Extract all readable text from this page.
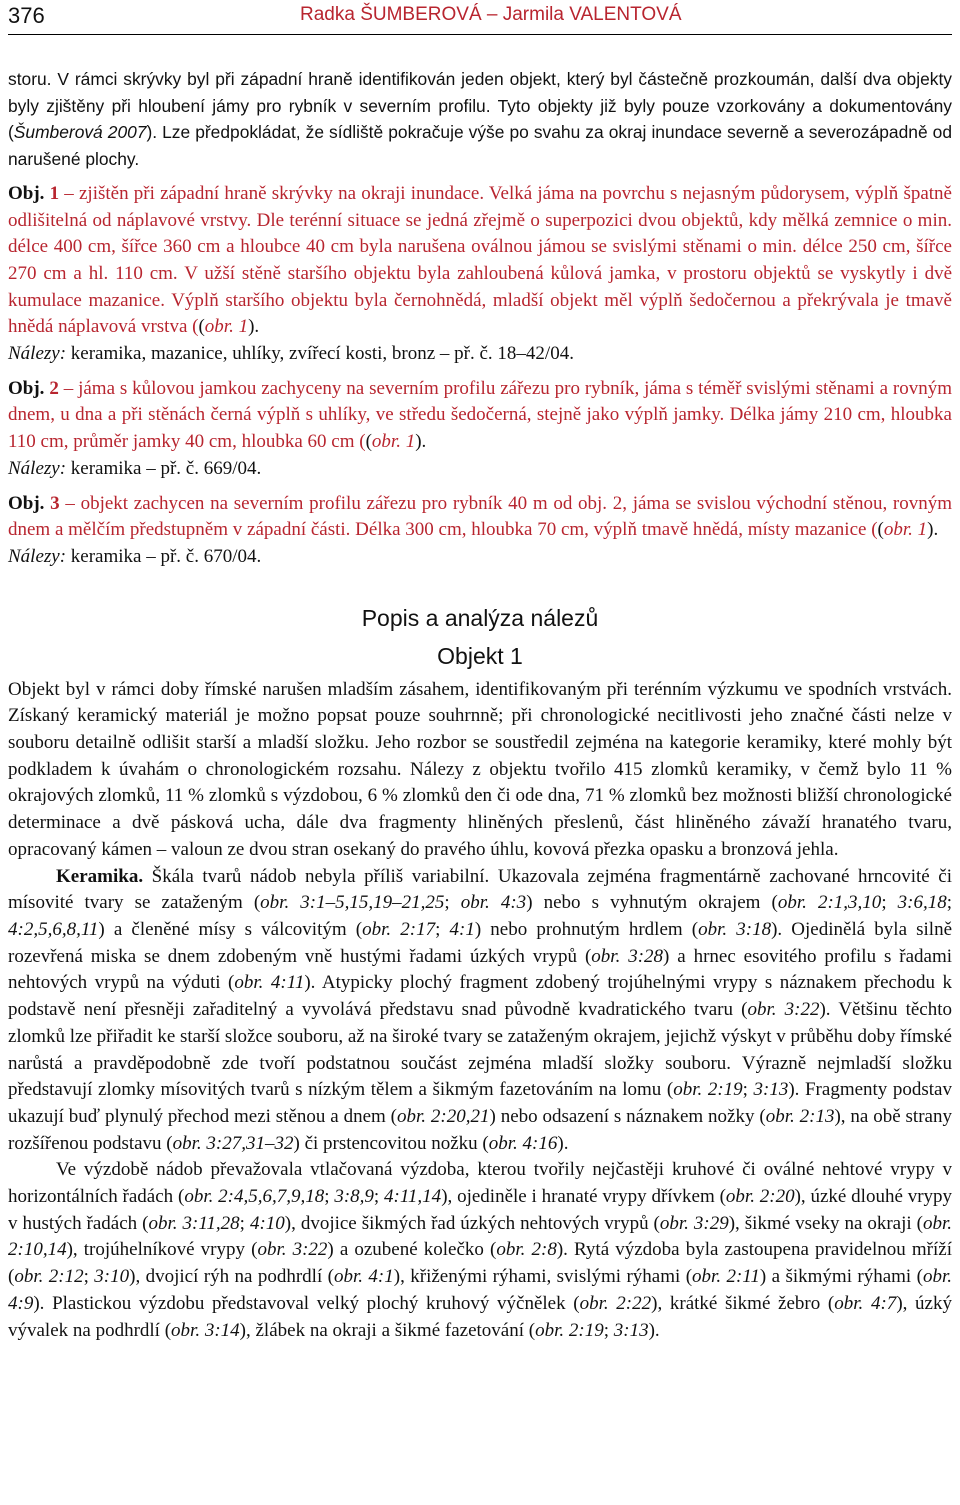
376	Radka ŠUMBEROVÁ – Jarmila VALENTOVÁ

storu. V rámci skrývky byl při západní hraně identifikován jeden objekt, který byl částečně prozkoumán, další dva objekty byly zjištěny při hloubení jámy pro rybník v severním profilu. Tyto objekty již byly pouze vzorkovány a dokumentovány (Šumberová 2007). Lze předpokládat, že sídliště pokračuje výše po svahu za okraj inundace severně a severozápadně od narušené plochy.

Obj. 1 – zjištěn při západní hraně skrývky na okraji inundace. Velká jáma na povrchu s nejasným půdorysem, výplň špatně odlišitelná od náplavové vrstvy. Dle terénní situace se jedná zřejmě o superpozici dvou objektů, kdy mělká zemnice o min. délce 400 cm, šířce 360 cm a hloubce 40 cm byla narušena oválnou jámou se svislými stěnami o min. délce 250 cm, šířce 270 cm a hl. 110 cm. V užší stěně staršího objektu byla zahloubená kůlová jamka, v prostoru objektů se vyskytly i dvě kumulace mazanice. Výplň staršího objektu byla černohnědá, mladší objekt měl výplň šedočernou a překrývala je tmavě hnědá náplavová vrstva ((obr. 1).

Nálezy: keramika, mazanice, uhlíky, zvířecí kosti, bronz – př. č. 18–42/04.

Obj. 2 – jáma s kůlovou jamkou zachyceny na severním profilu zářezu pro rybník, jáma s téměř svislými stěnami a rovným dnem, u dna a při stěnách černá výplň s uhlíky, ve středu šedočerná, stejně jako výplň jamky. Délka jámy 210 cm, hloubka 110 cm, průměr jamky 40 cm, hloubka 60 cm ((obr. 1).

Nálezy: keramika – př. č. 669/04.

Obj. 3 – objekt zachycen na severním profilu zářezu pro rybník 40 m od obj. 2, jáma se svislou východní stěnou, rovným dnem a mělčím předstupněm v západní části. Délka 300 cm, hloubka 70 cm, výplň tmavě hnědá, místy mazanice ((obr. 1).

Nálezy: keramika – př. č. 670/04.

Popis a analýza nálezů
Objekt 1

Objekt byl v rámci doby římské narušen mladším zásahem, identifikovaným při terénním výzkumu ve spodních vrstvách. Získaný keramický materiál je možno popsat pouze souhrnně; při chronologické necitlivosti jeho značné části nelze v souboru detailně odlišit starší a mladší složku. Jeho rozbor se soustředil zejména na kategorie keramiky, které mohly být podkladem k úvahám o chronologickém rozsahu. Nálezy z objektu tvořilo 415 zlomků keramiky, v čemž bylo 11 % okrajových zlomků, 11 % zlomků s výzdobou, 6 % zlomků den či ode dna, 71 % zlomků bez možnosti bližší chronologické determinace a dvě pásková ucha, dále dva fragmenty hliněných přeslenů, část hliněného závaží hranatého tvaru, opracovaný kámen – valoun ze dvou stran osekaný do pravého úhlu, kovová přezka opasku a bronzová jehla.

Keramika. Škála tvarů nádob nebyla příliš variabilní. Ukazovala zejména fragmentárně zachované hrncovité či mísovité tvary se zataženým (obr. 3:1–5,15,19–21,25; obr. 4:3) nebo s vyhnutým okrajem (obr. 2:1,3,10; 3:6,18; 4:2,5,6,8,11) a členěné mísy s válcovitým (obr. 2:17; 4:1) nebo prohnutým hrdlem (obr. 3:18). Ojedinělá byla silně rozevřená miska se dnem zdobeným vně hustými řadami úzkých vrypů (obr. 3:28) a hrnec esovitého profilu s řadami nehtových vrypů na výduti (obr. 4:11). Atypicky plochý fragment zdobený trojúhelnými vrypy s náznakem přechodu k podstavě není přesněji zařaditelný a vyvolává představu snad původně kvadratického tvaru (obr. 3:22). Většinu těchto zlomků lze přiřadit ke starší složce souboru, až na široké tvary se zataženým okrajem, jejichž výskyt v průběhu doby římské narůstá a pravděpodobně zde tvoří podstatnou součást zejména mladší složky souboru. Výrazně nejmladší složku představují zlomky mísovitých tvarů s nízkým tělem a šikmým fazetováním na lomu (obr. 2:19; 3:13). Fragmenty podstav ukazují buď plynulý přechod mezi stěnou a dnem (obr. 2:20,21) nebo odsazení s náznakem nožky (obr. 2:13), na obě strany rozšířenou podstavu (obr. 3:27,31–32) či prstencovitou nožku (obr. 4:16).

Ve výzdobě nádob převažovala vtlačovaná výzdoba, kterou tvořily nejčastěji kruhové či oválné nehtové vrypy v horizontálních řadách (obr. 2:4,5,6,7,9,18; 3:8,9; 4:11,14), ojediněle i hranaté vrypy dřívkem (obr. 2:20), úzké dlouhé vrypy v hustých řadách (obr. 3:11,28; 4:10), dvojice šikmých řad úzkých nehtových vrypů (obr. 3:29), šikmé vseky na okraji (obr. 2:10,14), trojúhelníkové vrypy (obr. 3:22) a ozubené kolečko (obr. 2:8). Rytá výzdoba byla zastoupena pravidelnou mříží (obr. 2:12; 3:10), dvojicí rýh na podhrdlí (obr. 4:1), křiženými rýhami, svislými rýhami (obr. 2:11) a šikmými rýhami (obr. 4:9). Plastickou výzdobu představoval velký plochý kruhový výčnělek (obr. 2:22), krátké šikmé žebro (obr. 4:7), úzký vývalek na podhrdlí (obr. 3:14), žlábek na okraji a šikmé fazetování (obr. 2:19; 3:13).
